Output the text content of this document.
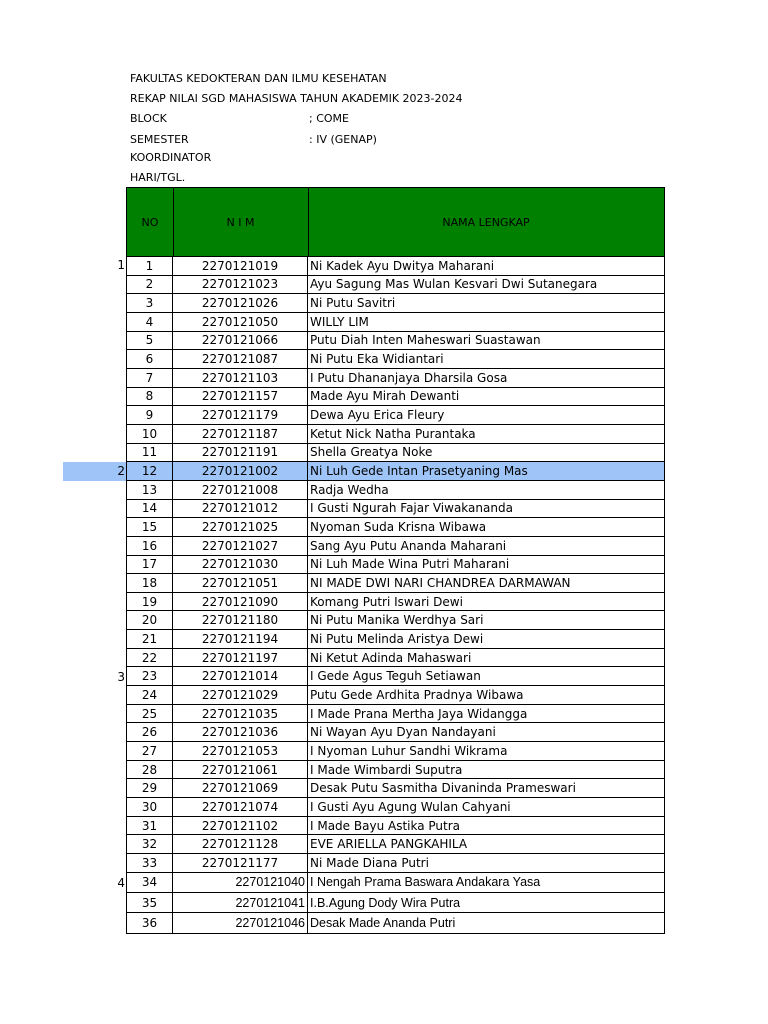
FAKULTAS KEDOKTERAN DAN ILMU KESEHATAN
REKAP NILAI SGD MAHASISWA TAHUN AKADEMIK 2023-2024
BLOCK	; COME
SEMESTER	: IV (GENAP)
KOORDINATOR
HARI/TGL.
1
2
3
4
NO	N I M	NAMA LENGKAP
1	2270121019	Ni Kadek Ayu Dwitya Maharani
2	2270121023	Ayu Sagung Mas Wulan Kesvari Dwi Sutanegara
3	2270121026	Ni Putu Savitri
4	2270121050	WILLY LIM
5	2270121066	Putu Diah Inten Maheswari Suastawan
6	2270121087	Ni Putu Eka Widiantari
7	2270121103	I Putu Dhananjaya Dharsila Gosa
8	2270121157	Made Ayu Mirah Dewanti
9	2270121179	Dewa Ayu Erica Fleury
10	2270121187	Ketut Nick Natha Purantaka
11	2270121191	Shella Greatya Noke
12	2270121002	Ni Luh Gede Intan Prasetyaning Mas
13	2270121008	Radja Wedha
14	2270121012	I Gusti Ngurah Fajar Viwakananda
15	2270121025	Nyoman Suda Krisna Wibawa
16	2270121027	Sang Ayu Putu Ananda Maharani
17	2270121030	Ni Luh Made Wina Putri Maharani
18	2270121051	NI MADE DWI NARI CHANDREA DARMAWAN
19	2270121090	Komang Putri Iswari Dewi
20	2270121180	Ni Putu Manika Werdhya Sari
21	2270121194	Ni Putu Melinda Aristya Dewi
22	2270121197	Ni Ketut Adinda Mahaswari
23	2270121014	I Gede Agus Teguh Setiawan
24	2270121029	Putu Gede Ardhita Pradnya Wibawa
25	2270121035	I Made Prana Mertha Jaya Widangga
26	2270121036	Ni Wayan Ayu Dyan Nandayani
27	2270121053	I Nyoman Luhur Sandhi Wikrama
28	2270121061	I Made Wimbardi Suputra
29	2270121069	Desak Putu Sasmitha Divaninda Prameswari
30	2270121074	I Gusti Ayu Agung Wulan Cahyani
31	2270121102	I Made Bayu Astika Putra
32	2270121128	EVE ARIELLA PANGKAHILA
33	2270121177	Ni Made Diana Putri
34	2270121040 I Nengah Prama Baswara Andakara Yasa
35	2270121041 I.B.Agung Dody Wira Putra
36	2270121046 Desak Made Ananda Putri
